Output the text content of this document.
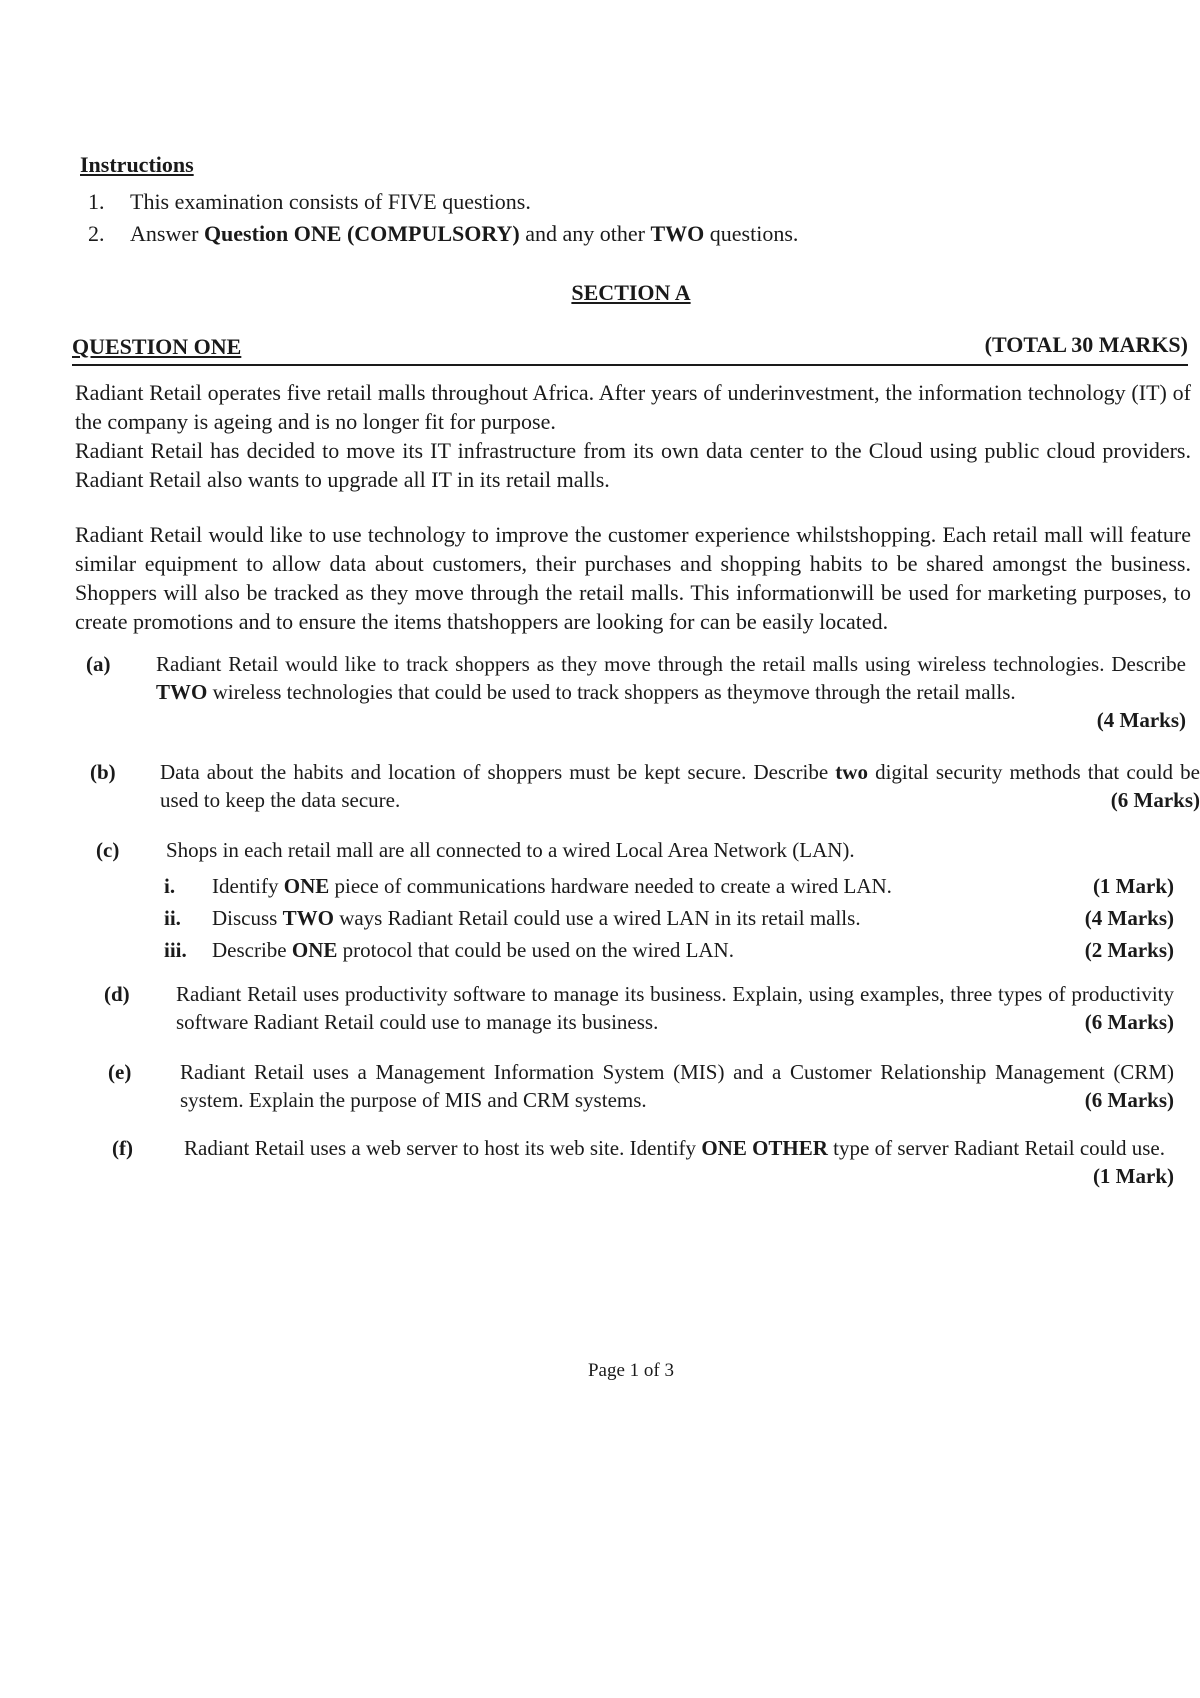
Instructions
1.	This examination consists of FIVE questions.
2.	Answer Question ONE (COMPULSORY) and any other TWO questions.
SECTION A
QUESTION ONE	(TOTAL 30 MARKS)
Radiant Retail operates five retail malls throughout Africa. After years of underinvestment, the information technology (IT) of the company is ageing and is no longer fit for purpose.
Radiant Retail has decided to move its IT infrastructure from its own data center to the Cloud using public cloud providers. Radiant Retail also wants to upgrade all IT in its retail malls.
Radiant Retail would like to use technology to improve the customer experience whilstshopping. Each retail mall will feature similar equipment to allow data about customers, their purchases and shopping habits to be shared amongst the business. Shoppers will also be tracked as they move through the retail malls. This informationwill be used for marketing purposes, to create promotions and to ensure the items thatshoppers are looking for can be easily located.
(a) Radiant Retail would like to track shoppers as they move through the retail malls using wireless technologies. Describe TWO wireless technologies that could be used to track shoppers as theymove through the retail malls.
(4 Marks)
(b) Data about the habits and location of shoppers must be kept secure. Describe two digital security methods that could be used to keep the data secure.	(6 Marks)
(c) Shops in each retail mall are all connected to a wired Local Area Network (LAN).
i. Identify ONE piece of communications hardware needed to create a wired LAN.	(1 Mark)
ii. Discuss TWO ways Radiant Retail could use a wired LAN in its retail malls.	(4 Marks)
iii. Describe ONE protocol that could be used on the wired LAN.	(2 Marks)
(d) Radiant Retail uses productivity software to manage its business. Explain, using examples, three types of productivity software Radiant Retail could use to manage its business.	(6 Marks)
(e) Radiant Retail uses a Management Information System (MIS) and a Customer Relationship Management (CRM) system. Explain the purpose of MIS and CRM systems.	(6 Marks)
(f) Radiant Retail uses a web server to host its web site. Identify ONE OTHER type of server Radiant Retail could use.
(1 Mark)
Page 1 of 3
